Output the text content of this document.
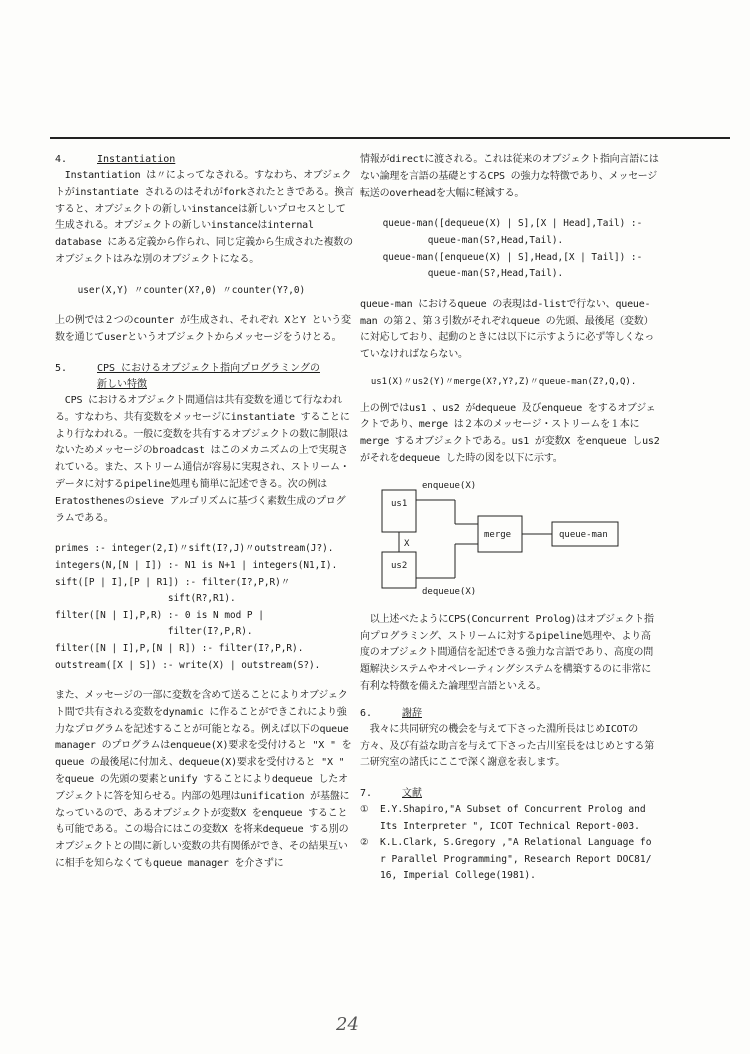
4.	Instantiation

　Instantiation は〃によってなされる。すなわち、オブジェクトがinstantiate されるのはそれがforkされたときである。換言すると、オブジェクトの新しいinstanceは新しいプロセスとして生成される。オブジェクトの新しいinstanceはinternal database にある定義から作られ、同じ定義から生成された複数のオブジェクトはみな別のオブジェクトになる。

user(X,Y) 〃counter(X?,0) 〃counter(Y?,0)

上の例では２つのcounter が生成され、それぞれ XとY という変数を通じてuserというオブジェクトからメッセージをうけとる。

5.	CPS におけるオブジェクト指向プログラミングの

新しい特徴

　CPS におけるオブジェクト間通信は共有変数を通じて行なわれる。すなわち、共有変数をメッセージにinstantiate することにより行なわれる。一般に変数を共有するオブジェクトの数に制限はないためメッセージのbroadcast はこのメカニズムの上で実現されている。また、ストリーム通信が容易に実現され、ストリーム・データに対するpipeline処理も簡単に記述できる。次の例はEratosthenesのsieve アルゴリズムに基づく素数生成のプログラムである。

primes :- integer(2,I)〃sift(I?,J)〃outstream(J?).
integers(N,[N | I]) :- N1 is N+1 | integers(N1,I).
sift([P | I],[P | R1]) :- filter(I?,P,R)〃
sift(R?,R1).
filter([N | I],P,R) :- 0 is N mod P |
filter(I?,P,R).
filter([N | I],P,[N | R]) :- filter(I?,P,R).
outstream([X | S]) :- write(X) | outstream(S?).

また、メッセージの一部に変数を含めて送ることによりオブジェクト間で共有される変数をdynamic に作ることができこれにより強力なプログラムを記述することが可能となる。例えば以下のqueue manager のプログラムはenqueue(X)要求を受付けると "X " をqueue の最後尾に付加え、dequeue(X)要求を受付けると "X " をqueue の先頭の要素とunify することによりdequeue したオブジェクトに答を知らせる。内部の処理はunification が基盤になっているので、あるオブジェクトが変数X をenqueue することも可能である。この場合にはこの変数X を将来dequeue する別のオブジェクトとの間に新しい変数の共有関係ができ、その結果互いに相手を知らなくてもqueue manager を介さずに

情報がdirectに渡される。これは従来のオブジェクト指向言語にはない論理を言語の基礎とするCPS の強力な特徴であり、メッセージ転送のoverheadを大幅に軽減する。

queue-man([dequeue(X) | S],[X | Head],Tail) :-
queue-man(S?,Head,Tail).
queue-man([enqueue(X) | S],Head,[X | Tail]) :-
queue-man(S?,Head,Tail).

queue-man におけるqueue の表現はd-listで行ない、queue-man の第２、第３引数がそれぞれqueue の先頭、最後尾（変数）に対応しており、起動のときには以下に示すように必ず等しくなっていなければならない。

us1(X)〃us2(Y)〃merge(X?,Y?,Z)〃queue-man(Z?,Q,Q).

上の例ではus1 、us2 がdequeue 及びenqueue をするオブジェクトであり、merge は２本のメッセージ・ストリームを１本にmerge するオブジェクトである。us1 が変数X をenqueue しus2 がそれをdequeue した時の図を以下に示す。

us1
us2
X
enqueue(X)
dequeue(X)
merge	queue-man

　以上述べたようにCPS(Concurrent Prolog)はオブジェクト指向プログラミング、ストリームに対するpipeline処理や、より高度のオブジェクト間通信を記述できる強力な言語であり、高度の問題解決システムやオペレーティングシステムを構築するのに非常に有利な特徴を備えた論理型言語といえる。

6.	謝辞

　我々に共同研究の機会を与えて下さった淵所長はじめICOTの方々、及び有益な助言を与えて下さった古川室長をはじめとする第二研究室の諸氏にここで深く謝意を表します。

7.	文献

①	E.Y.Shapiro,"A Subset of Concurrent Prolog and
Its Interpreter ", ICOT Technical Report-003.
②	K.L.Clark, S.Gregory ,"A Relational Language fo
r Parallel Programming", Research Report DOC81/
16, Imperial College(1981).
24
